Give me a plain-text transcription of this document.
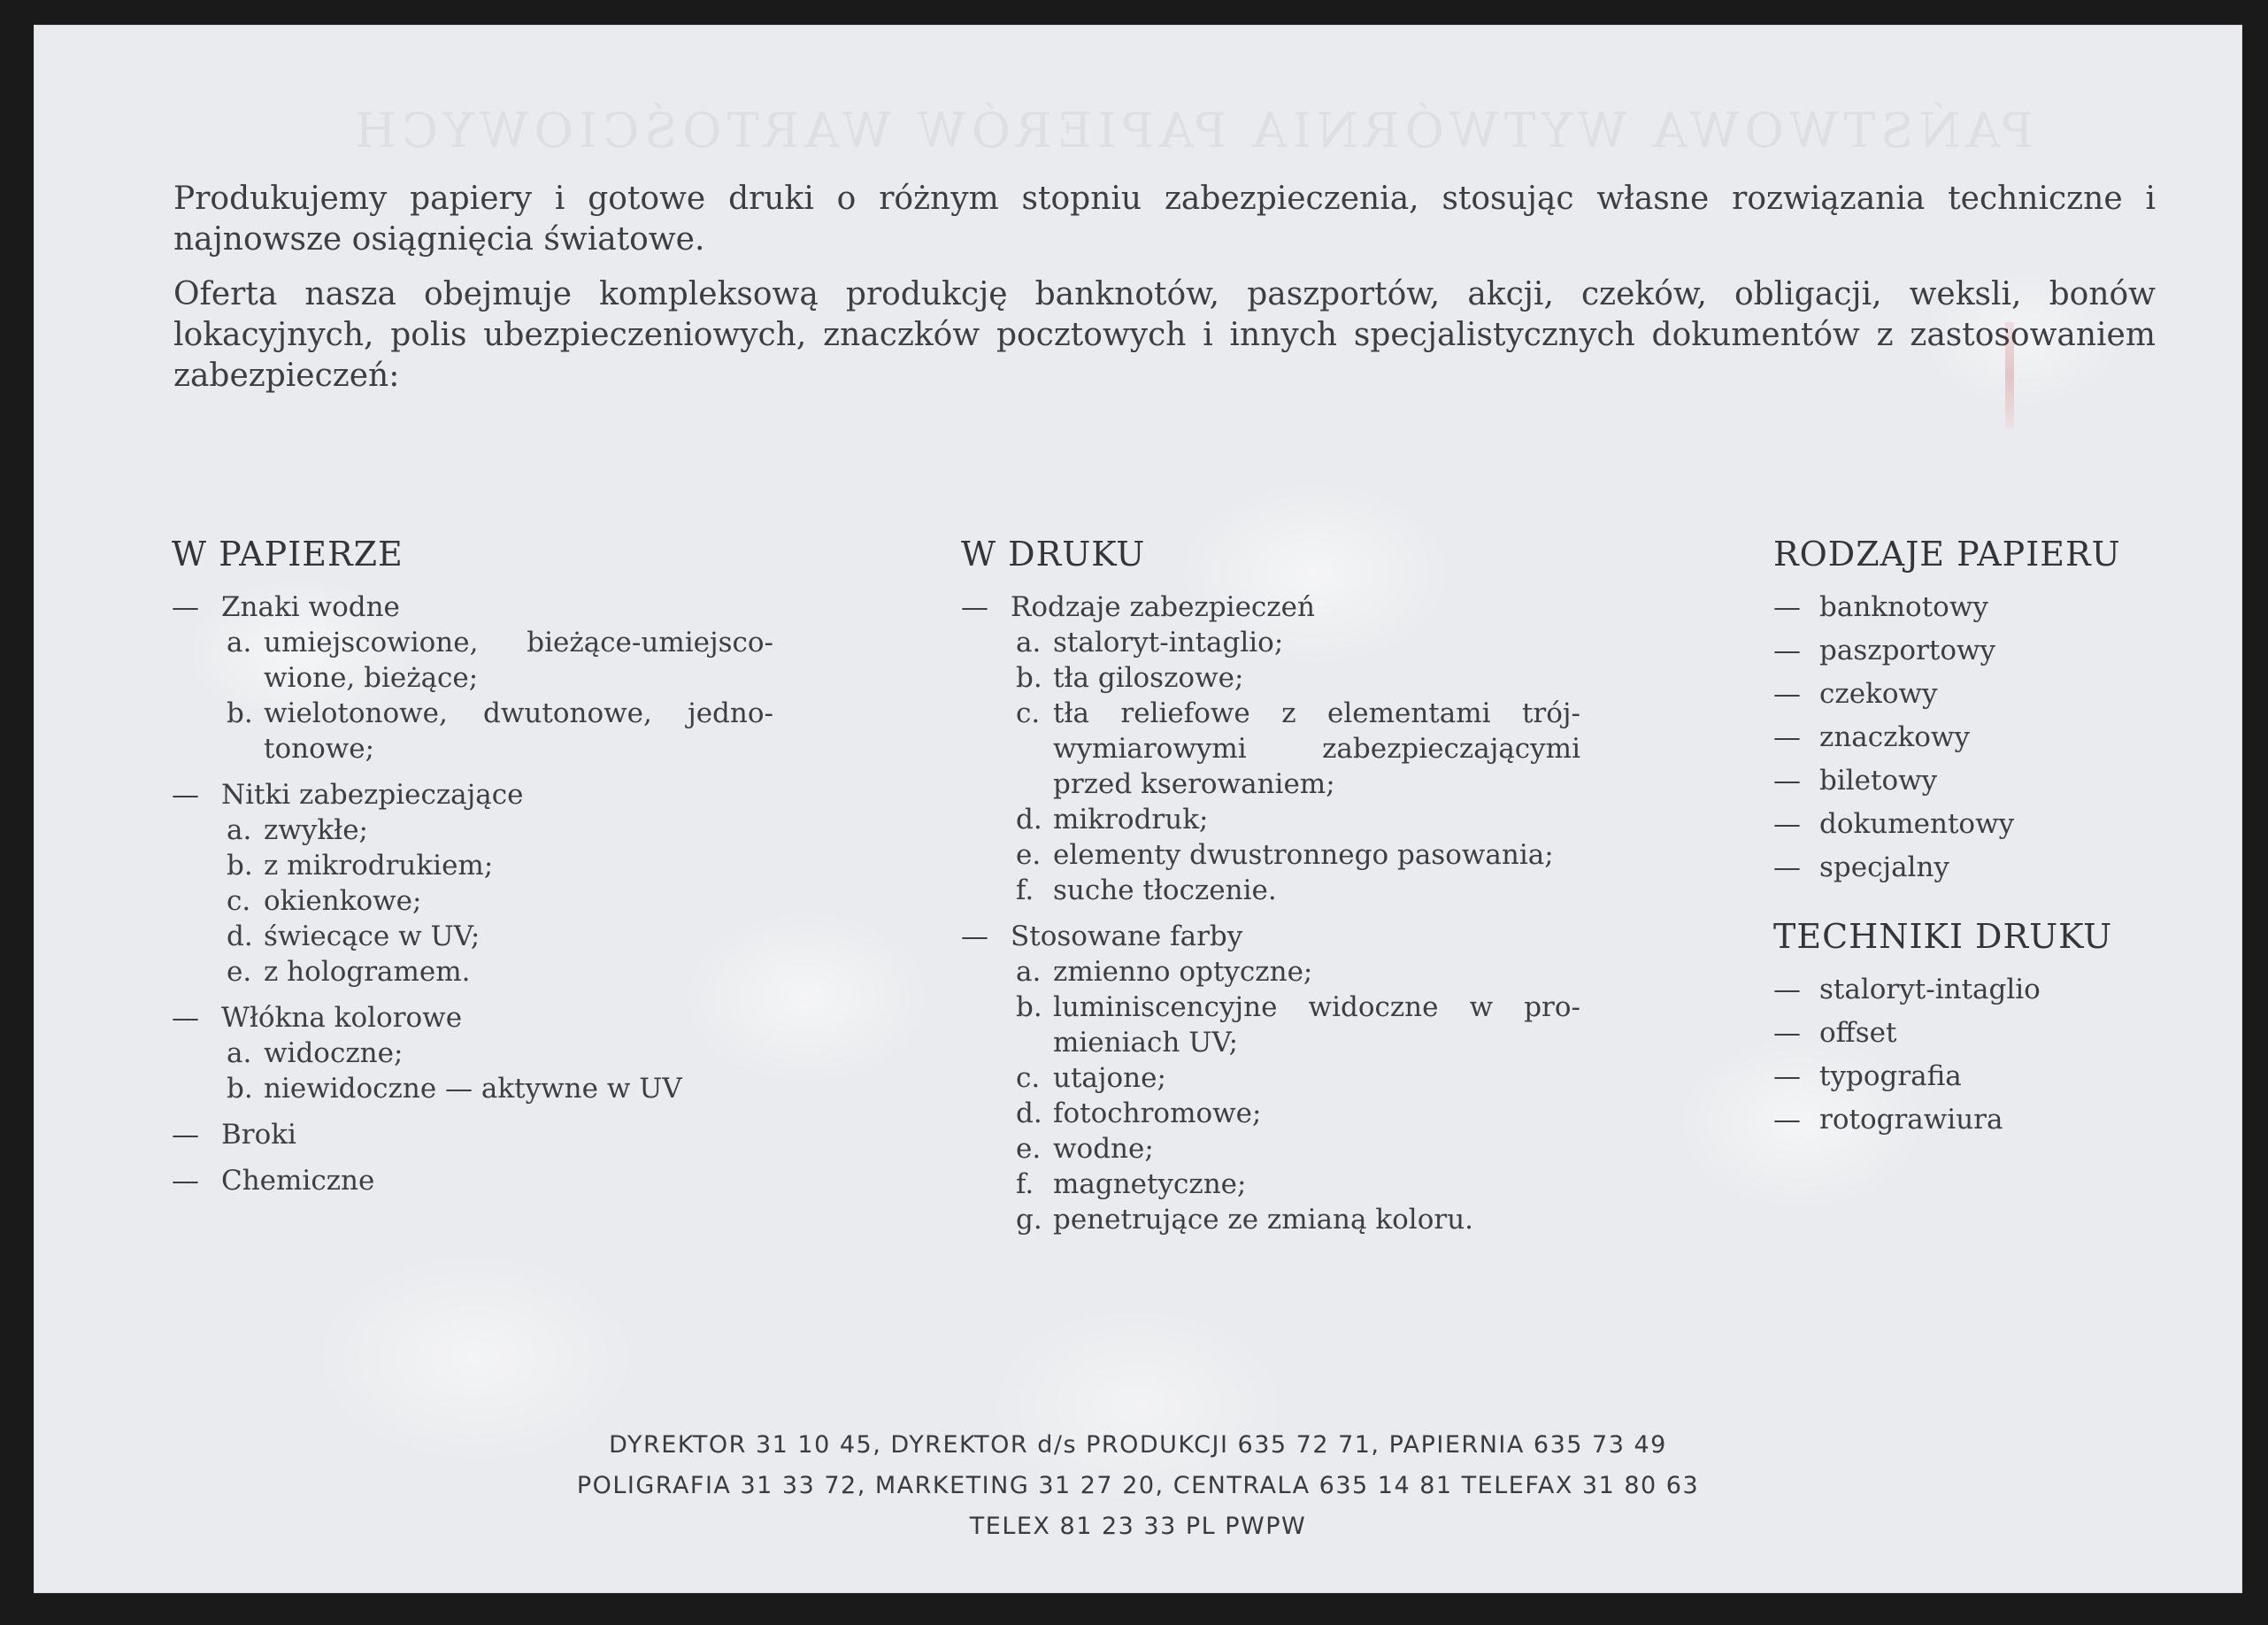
PAŃSTWOWA WYTWÓRNIA PAPIERÓW WARTOŚCIOWYCH

Produkujemy papiery i gotowe druki o różnym stopniu zabezpieczenia, stosując własne rozwiązania techniczne i najnowsze osiągnięcia światowe.

Oferta nasza obejmuje kompleksową produkcję banknotów, paszportów, akcji, czeków, obligacji, weksli, bonów lokacyjnych, polis ubezpieczeniowych, znaczków pocztowych i innych specjalistycznych dokumentów z zastosowaniem zabezpieczeń:

W PAPIERZE
— Znaki wodne
a. umiejscowione, bieżące-umiejsco-wione, bieżące;
b. wielotonowe, dwutonowe, jedno-tonowe;
— Nitki zabezpieczające
a. zwykłe;
b. z mikrodrukiem;
c. okienkowe;
d. świecące w UV;
e. z hologramem.
— Włókna kolorowe
a. widoczne;
b. niewidoczne — aktywne w UV
— Broki
— Chemiczne
W DRUKU
— Rodzaje zabezpieczeń
a. staloryt-intaglio;
b. tła giloszowe;
c. tła reliefowe z elementami trój-wymiarowymi zabezpieczającymi przed kserowaniem;
d. mikrodruk;
e. elementy dwustronnego pasowania;
f. suche tłoczenie.
— Stosowane farby
a. zmienno optyczne;
b. luminiscencyjne widoczne w pro-mieniach UV;
c. utajone;
d. fotochromowe;
e. wodne;
f. magnetyczne;
g. penetrujące ze zmianą koloru.
RODZAJE PAPIERU
— banknotowy
— paszportowy
— czekowy
— znaczkowy
— biletowy
— dokumentowy
— specjalny
TECHNIKI DRUKU
— staloryt-intaglio
— offset
— typografia
— rotograwiura
DYREKTOR 31 10 45, DYREKTOR d/s PRODUKCJI 635 72 71, PAPIERNIA 635 73 49
POLIGRAFIA 31 33 72, MARKETING 31 27 20, CENTRALA 635 14 81 TELEFAX 31 80 63
TELEX 81 23 33 PL PWPW
